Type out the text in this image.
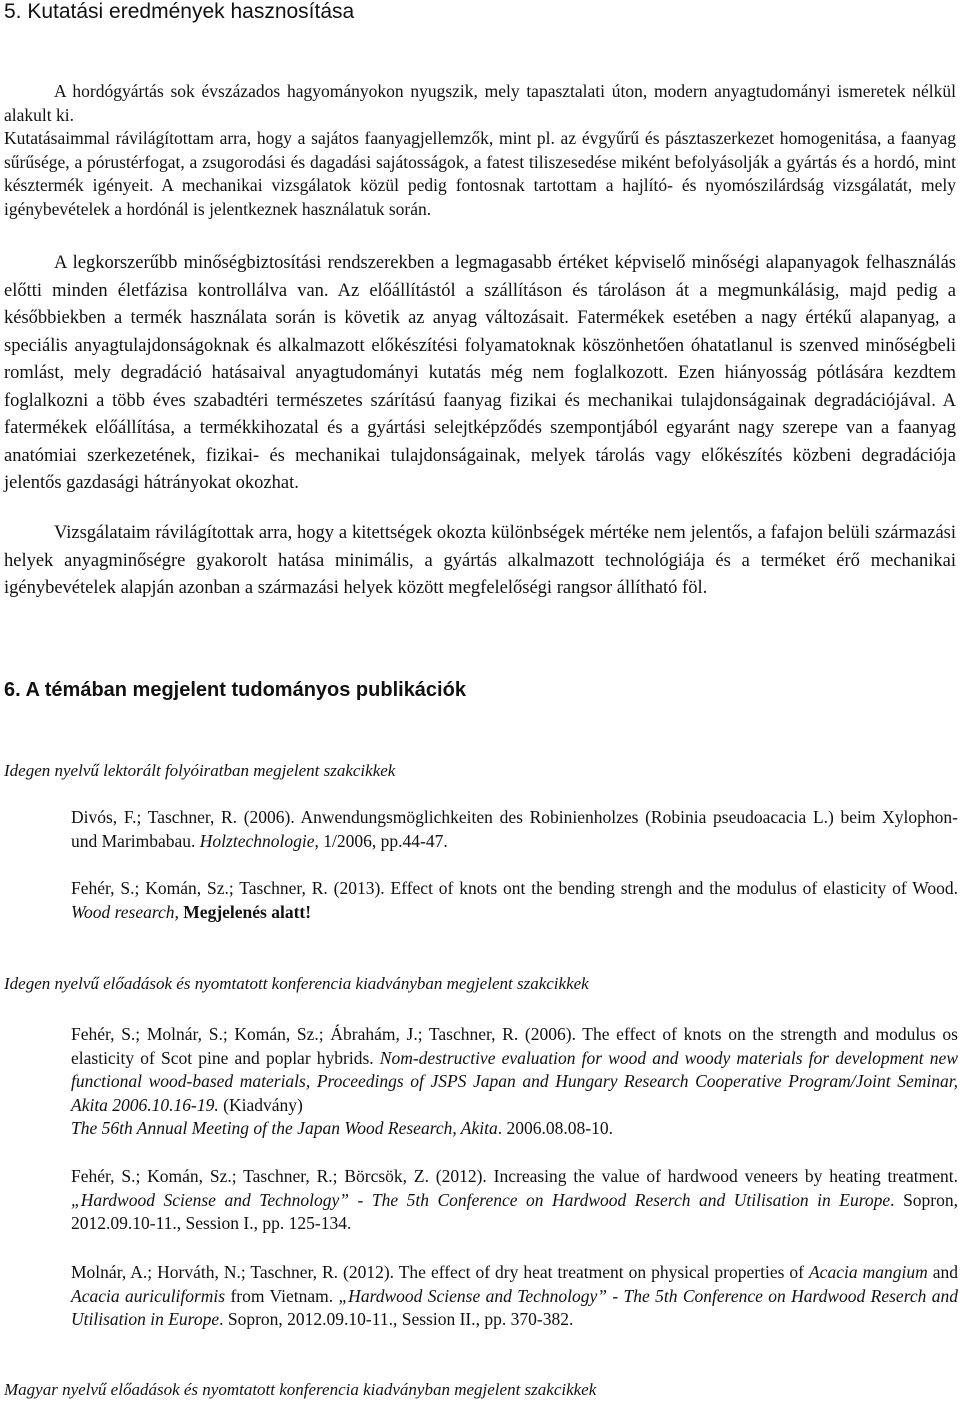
5. Kutatási eredmények hasznosítása

A hordógyártás sok évszázados hagyományokon nyugszik, mely tapasztalati úton, modern anyagtudományi ismeretek nélkül alakult ki.

Kutatásaimmal rávilágítottam arra, hogy a sajátos faanyagjellemzők, mint pl. az évgyűrű és pásztaszerkezet homogenitása, a faanyag sűrűsége, a pórustérfogat, a zsugorodási és dagadási sajátosságok, a fatest tiliszesedése miként befolyásolják a gyártás és a hordó, mint késztermék igényeit. A mechanikai vizsgálatok közül pedig fontosnak tartottam a hajlító- és nyomószilárdság vizsgálatát, mely igénybevételek a hordónál is jelentkeznek használatuk során.

A legkorszerűbb minőségbiztosítási rendszerekben a legmagasabb értéket képviselő minőségi alapanyagok felhasználás előtti minden életfázisa kontrollálva van. Az előállítástól a szállításon és tároláson át a megmunkálásig, majd pedig a későbbiekben a termék használata során is követik az anyag változásait. Fatermékek esetében a nagy értékű alapanyag, a speciális anyagtulajdonságoknak és alkalmazott előkészítési folyamatoknak köszönhetően óhatatlanul is szenved minőségbeli romlást, mely degradáció hatásaival anyagtudományi kutatás még nem foglalkozott. Ezen hiányosság pótlására kezdtem foglalkozni a több éves szabadtéri természetes szárítású faanyag fizikai és mechanikai tulajdonságainak degradációjával. A fatermékek előállítása, a termékkihozatal és a gyártási selejtképződés szempontjából egyaránt nagy szerepe van a faanyag anatómiai szerkezetének, fizikai- és mechanikai tulajdonságainak, melyek tárolás vagy előkészítés közbeni degradációja jelentős gazdasági hátrányokat okozhat.

Vizsgálataim rávilágítottak arra, hogy a kitettségek okozta különbségek mértéke nem jelentős, a fafajon belüli származási helyek anyagminőségre gyakorolt hatása minimális, a gyártás alkalmazott technológiája és a terméket érő mechanikai igénybevételek alapján azonban a származási helyek között megfelelőségi rangsor állítható föl.

6. A témában megjelent tudományos publikációk
Idegen nyelvű lektorált folyóiratban megjelent szakcikkek

Divós, F.; Taschner, R. (2006). Anwendungsmöglichkeiten des Robinienholzes (Robinia pseudoacacia L.) beim Xylophon- und Marimbabau. Holztechnologie, 1/2006, pp.44-47.

Fehér, S.; Komán, Sz.; Taschner, R. (2013). Effect of knots ont the bending strengh and the modulus of elasticity of Wood. Wood research, Megjelenés alatt!

Idegen nyelvű előadások és nyomtatott konferencia kiadványban megjelent szakcikkek

Fehér, S.; Molnár, S.; Komán, Sz.; Ábrahám, J.; Taschner, R. (2006). The effect of knots on the strength and modulus os elasticity of Scot pine and poplar hybrids. Nom-destructive evaluation for wood and woody materials for development new functional wood-based materials, Proceedings of JSPS Japan and Hungary Research Cooperative Program/Joint Seminar, Akita 2006.10.16-19. (Kiadvány)
The 56th Annual Meeting of the Japan Wood Research, Akita. 2006.08.08-10.

Fehér, S.; Komán, Sz.; Taschner, R.; Börcsök, Z. (2012). Increasing the value of hardwood veneers by heating treatment. „Hardwood Sciense and Technology” - The 5th Conference on Hardwood Reserch and Utilisation in Europe. Sopron, 2012.09.10-11., Session I., pp. 125-134.

Molnár, A.; Horváth, N.; Taschner, R. (2012). The effect of dry heat treatment on physical properties of Acacia mangium and Acacia auriculiformis from Vietnam. „Hardwood Sciense and Technology” - The 5th Conference on Hardwood Reserch and Utilisation in Europe. Sopron, 2012.09.10-11., Session II., pp. 370-382.

Magyar nyelvű előadások és nyomtatott konferencia kiadványban megjelent szakcikkek
